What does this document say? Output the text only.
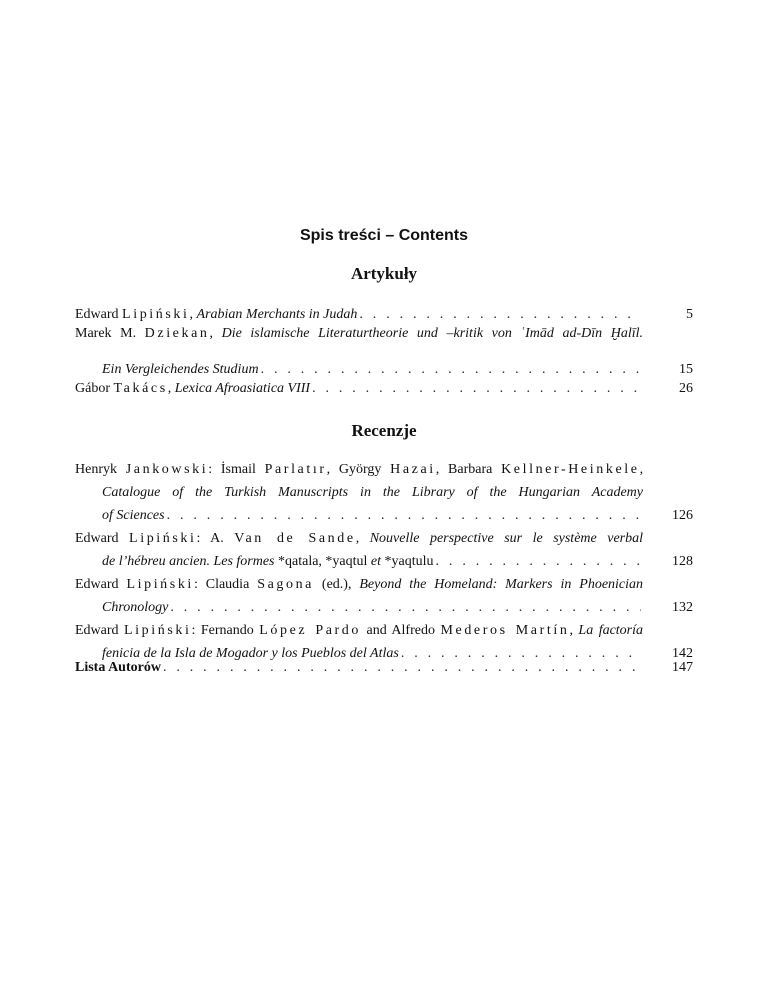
Spis treści – Contents
Artykuły
Edward Lipiński, Arabian Merchants in Judah . . .	5
Marek M. Dziekan, Die islamische Literaturtheorie und –kritik von ʿImād ad-Dīn Ḫalīl.
Ein Vergleichendes Studium . . .	15
Gábor Takács, Lexica Afroasiatica VIII . . .	26
Recenzje
Henryk Jankowski: İsmail Parlatır, György Hazai, Barbara Kellner-Heinkele,
Catalogue of the Turkish Manuscripts in the Library of the Hungarian Academy
of Sciences . . .	126
Edward Lipiński: A. Van de Sande, Nouvelle perspective sur le système verbal
de l’hébreu ancien. Les formes *qatala, *yaqtul et *yaqtulu . . .	128
Edward Lipiński: Claudia Sagona (ed.), Beyond the Homeland: Markers in Phoenician
Chronology . . .	132
Edward Lipiński: Fernando López Pardo and Alfredo Mederos Martín, La factoría
fenicia de la Isla de Mogador y los Pueblos del Atlas . . .	142
Lista Autorów . . .	147
